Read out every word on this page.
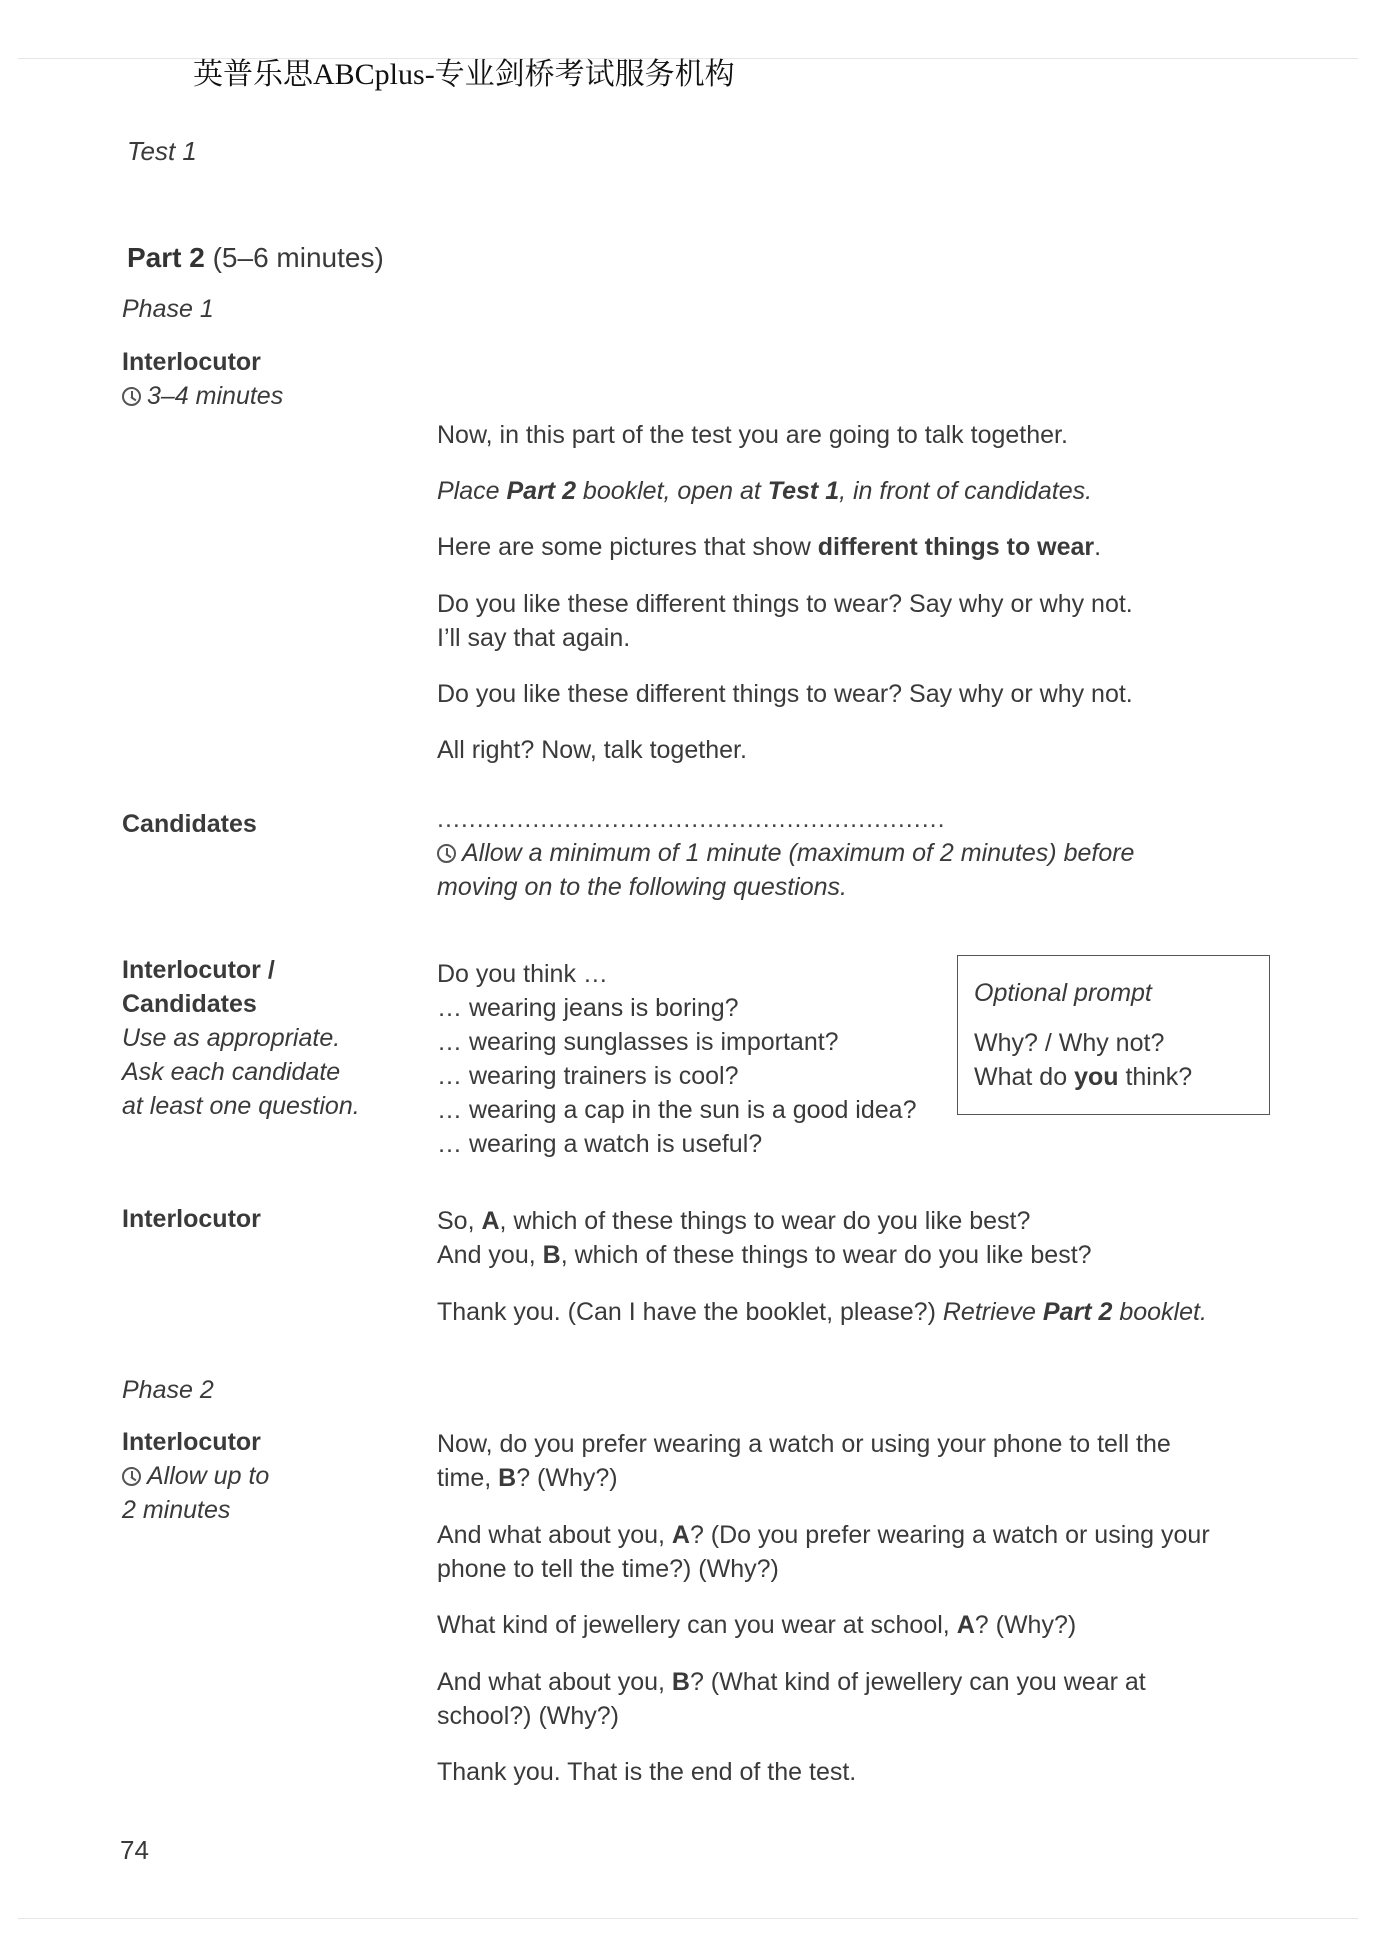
英普乐思ABCplus-专业剑桥考试服务机构
Test 1
Part 2 (5–6 minutes)
Phase 1

Interlocutor

3–4 minutes

Now, in this part of the test you are going to talk together.
Place Part 2 booklet, open at Test 1, in front of candidates.
Here are some pictures that show different things to wear.

Do you like these different things to wear? Say why or why not.

I’ll say that again.

Do you like these different things to wear? Say why or why not.
All right? Now, talk together.
Candidates	................................................................

Allow a minimum of 1 minute (maximum of 2 minutes) before

moving on to the following questions.

Interlocutor /

Candidates

Use as appropriate.

Ask each candidate

at least one question.

Do you think …

… wearing jeans is boring?

… wearing sunglasses is important?

… wearing trainers is cool?

… wearing a cap in the sun is a good idea?

… wearing a watch is useful?

Optional prompt

Why? / Why not?

What do you think?

Interlocutor	So, A, which of these things to wear do you like best?

And you, B, which of these things to wear do you like best?

Thank you. (Can I have the booklet, please?) Retrieve Part 2 booklet.
Phase 2

Interlocutor

Allow up to

2 minutes

Now, do you prefer wearing a watch or using your phone to tell the

time, B? (Why?)

And what about you, A? (Do you prefer wearing a watch or using your

phone to tell the time?) (Why?)

What kind of jewellery can you wear at school, A? (Why?)

And what about you, B? (What kind of jewellery can you wear at

school?) (Why?)

Thank you. That is the end of the test.
74
